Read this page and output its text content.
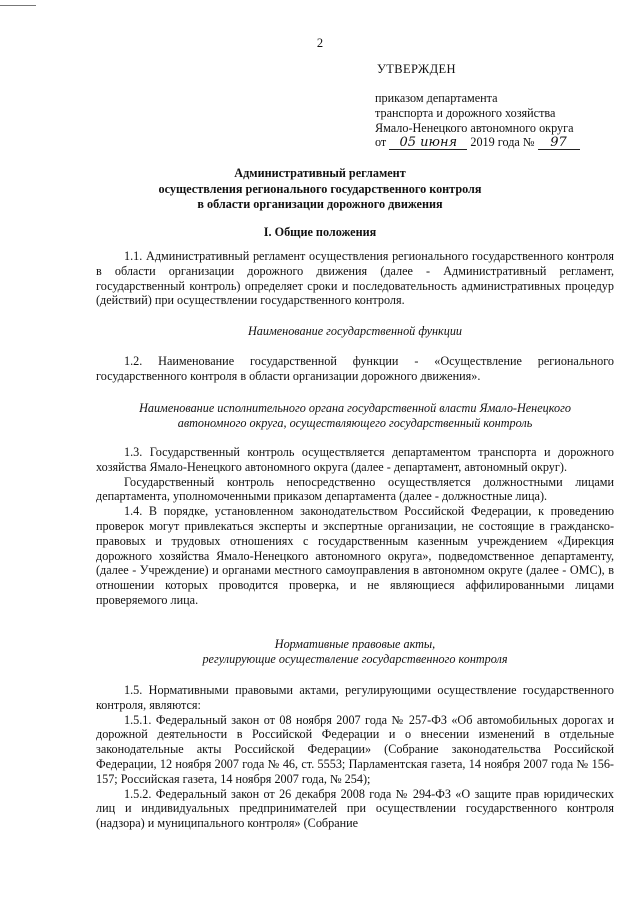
2
УТВЕРЖДЕН
приказом департамента
транспорта и дорожного хозяйства
Ямало-Ненецкого автономного округа
от 05 июня 2019 года № 97
Административный регламент
осуществления регионального государственного контроля
в области организации дорожного движения
I. Общие положения

1.1. Административный регламент осуществления регионального государственного контроля в области организации дорожного движения (далее - Административный регламент, государственный контроль) определяет сроки и последовательность административных процедур (действий) при осуществлении государственного контроля.

Наименование государственной функции

1.2. Наименование государственной функции - «Осуществление регионального государственного контроля в области организации дорожного движения».

Наименование исполнительного органа государственной власти Ямало-Ненецкого

автономного округа, осуществляющего государственный контроль

1.3. Государственный контроль осуществляется департаментом транспорта и дорожного хозяйства Ямало-Ненецкого автономного округа (далее - департамент, автономный округ).

Государственный контроль непосредственно осуществляется должностными лицами департамента, уполномоченными приказом департамента (далее - должностные лица).

1.4. В порядке, установленном законодательством Российской Федерации, к проведению проверок могут привлекаться эксперты и экспертные организации, не состоящие в гражданско-правовых и трудовых отношениях с государственным казенным учреждением «Дирекция дорожного хозяйства Ямало-Ненецкого автономного округа», подведомственное департаменту, (далее - Учреждение) и органами местного самоуправления в автономном округе (далее - ОМС), в отношении которых проводится проверка, и не являющиеся аффилированными лицами проверяемого лица.

Нормативные правовые акты,

регулирующие осуществление государственного контроля

1.5. Нормативными правовыми актами, регулирующими осуществление государственного контроля, являются:

1.5.1. Федеральный закон от 08 ноября 2007 года № 257-ФЗ «Об автомобильных дорогах и дорожной деятельности в Российской Федерации и о внесении изменений в отдельные законодательные акты Российской Федерации» (Собрание законодательства Российской Федерации, 12 ноября 2007 года № 46, ст. 5553; Парламентская газета, 14 ноября 2007 года № 156-157; Российская газета, 14 ноября 2007 года, № 254);

1.5.2. Федеральный закон от 26 декабря 2008 года № 294-ФЗ «О защите прав юридических лиц и индивидуальных предпринимателей при осуществлении государственного контроля (надзора) и муниципального контроля» (Собрание
